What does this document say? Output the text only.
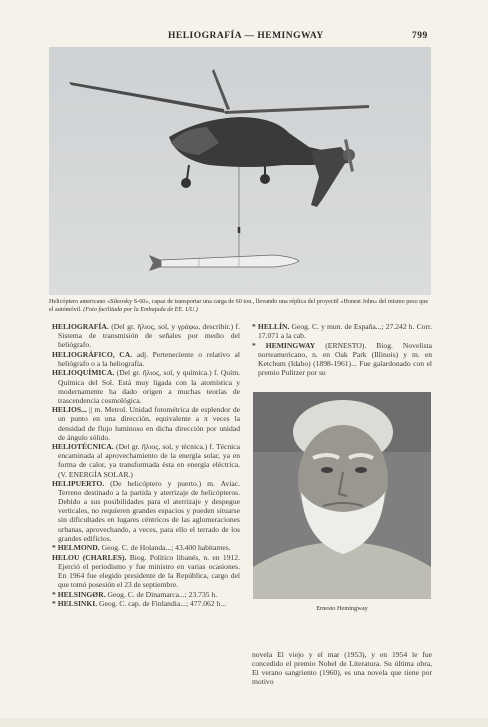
HELIOGRAFÍA — HEMINGWAY	799
Helicóptero americano «Sikorsky S-60», capaz de transportar una carga de 60 ton., llevando una réplica del proyectil «Honest John» del mismo peso que el autómóvil. (Foto facilitada por la Embajada de EE. UU.)

HELIOGRAFÍA. (Del gr. ἥλιος, sol, y γράφω, describir.) f. Sistema de transmisión de señales por medio del heliógrafo.

HELIOGRÁFICO, CA. adj. Perteneciente o relativo al heliógrafo o a la heliografía.

HELIOQUÍMICA. (Del gr. ἥλιος, sol, y química.) f. Quím. Química del Sol. Está muy ligada con la atomística y modernamente ha dado origen a muchas teorías de trascendencia cosmológica.

HELIOS... || m. Metrol. Unidad fotométrica de esplendor de un punto en una dirección, equivalente a π veces la densidad de flujo luminoso en dicha dirección por unidad de ángulo sólido.

HELIOTÉCNICA. (Del gr. ἥλιος, sol, y técnica.) f. Técnica encaminada al aprovechamiento de la energía solar, ya en forma de calor, ya transformada ésta en energía eléctrica. (V. ENERGÍA SOLAR.)

HELIPUERTO. (De helicóptero y puerto.) m. Aviac. Terreno destinado a la partida y aterrizaje de helicópteros. Debido a sus posibilidades para el aterrizaje y despegue verticales, no requieren grandes espacios y pueden situarse sin dificultades en lugares céntricos de las aglomeraciones urbanas, aprovechando, a veces, para ello el terrado de los grandes edificios.

* HELMOND. Geog. C. de Holanda...; 43.400 habitantes.

HELOU (CHARLES). Biog. Político libanés, n. en 1912. Ejerció el periodismo y fue ministro en varias ocasiones. En 1964 fue elegido presidente de la República, cargo del que tomó posesión el 23 de septiembre.

* HELSINGØR. Geog. C. de Dinamarca...; 23.735 h.

* HELSINKI. Geog. C. cap. de Finlandia...; 477.062 h...

* HELLÍN. Geog. C. y mun. de España...; 27.242 h. Corr. 17.071 a la cab.

* HEMINGWAY (ERNESTO). Biog. Novelista norteamericano, n. en Oak Park (Illinois) y m. en Ketchum (Idaho) (1898-1961)... Fue galardonado con el premio Pulitzer por su

Ernesto Hemingway
novela El viejo y el mar (1953), y en 1954 le fue concedido el premio Nobel de Literatura. Su última obra, El verano sangriento (1960), es una novela que tiene por motivo
